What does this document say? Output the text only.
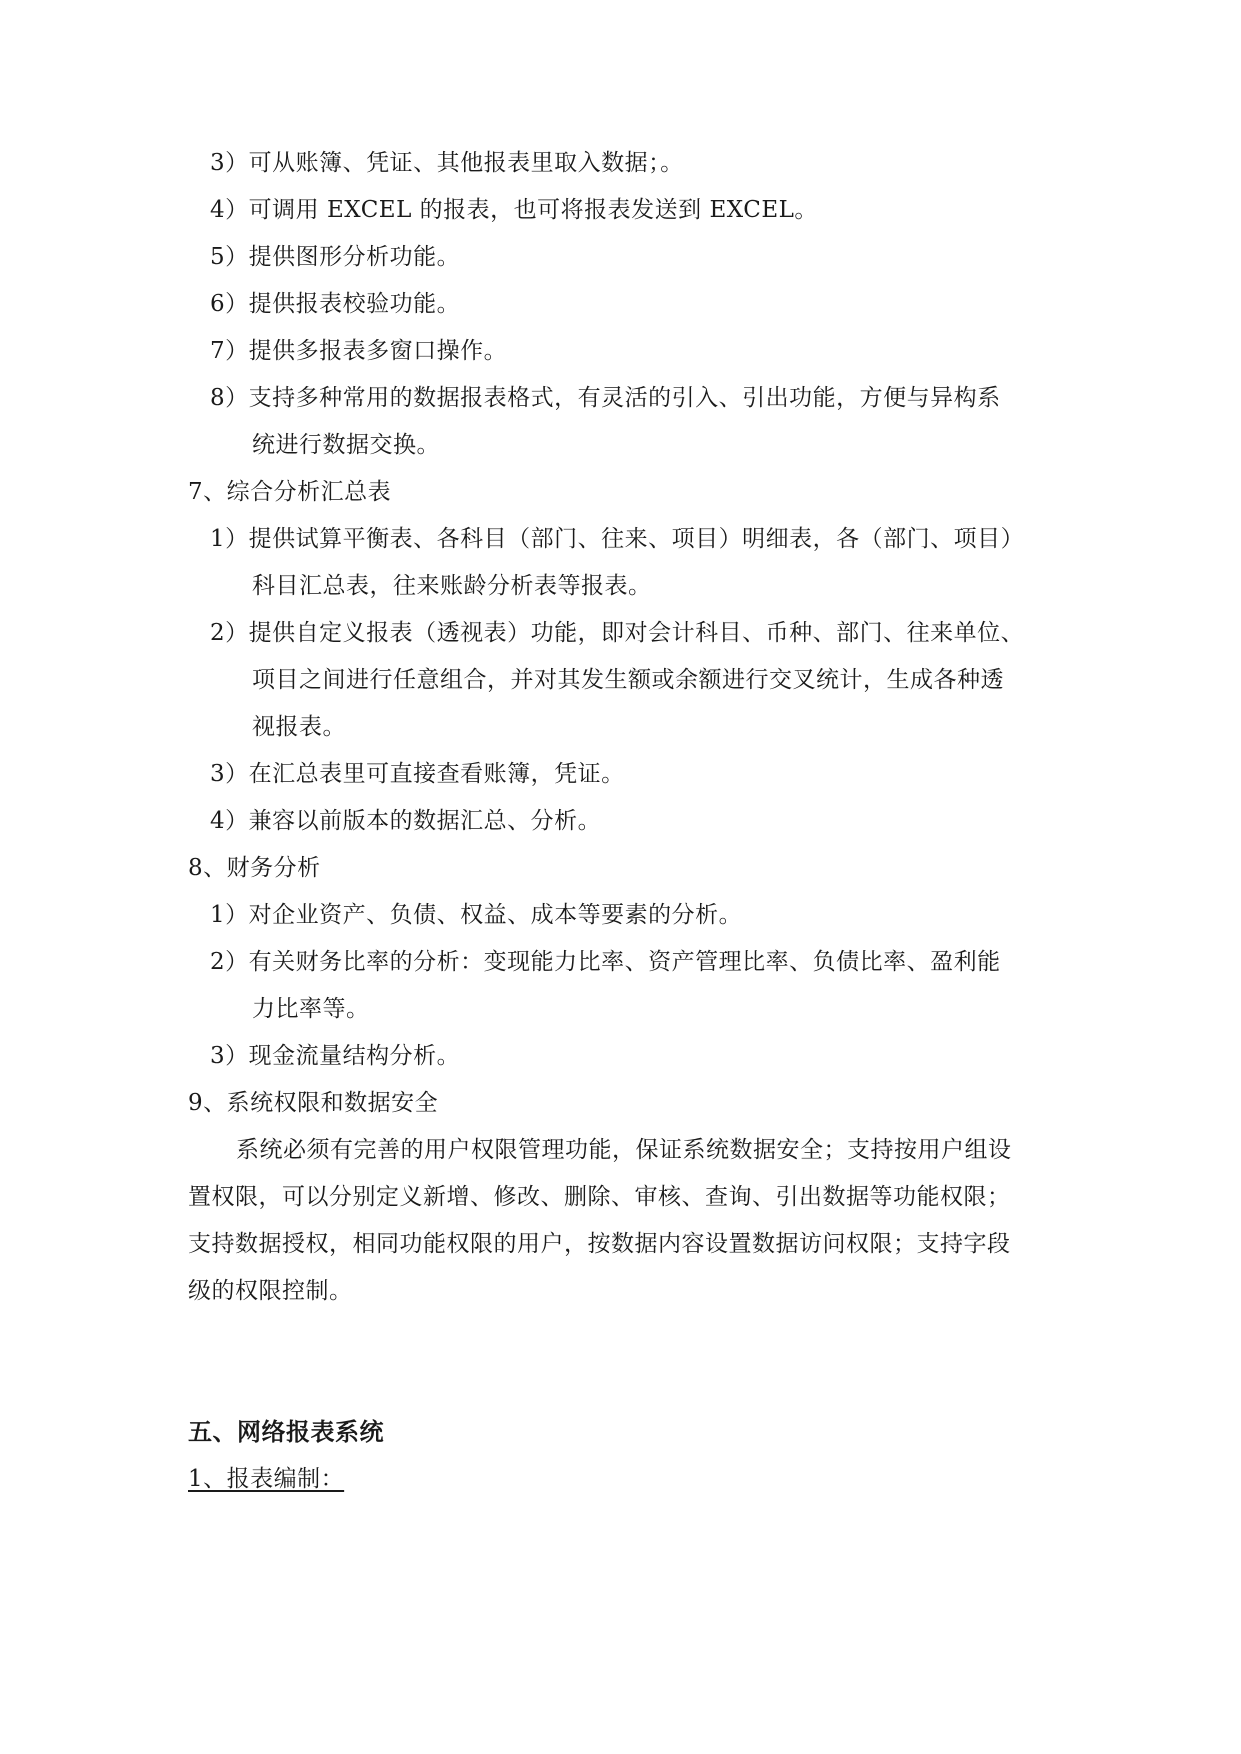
3）可从账簿、凭证、其他报表里取入数据；。
4）可调用 EXCEL 的报表，也可将报表发送到 EXCEL。
5）提供图形分析功能。
6）提供报表校验功能。
7）提供多报表多窗口操作。
8）支持多种常用的数据报表格式，有灵活的引入、引出功能，方便与异构系
统进行数据交换。
7、综合分析汇总表
1）提供试算平衡表、各科目（部门、往来、项目）明细表，各（部门、项目）
科目汇总表，往来账龄分析表等报表。
2）提供自定义报表（透视表）功能，即对会计科目、币种、部门、往来单位、
项目之间进行任意组合，并对其发生额或余额进行交叉统计，生成各种透
视报表。
3）在汇总表里可直接查看账簿，凭证。
4）兼容以前版本的数据汇总、分析。
8、财务分析
1）对企业资产、负债、权益、成本等要素的分析。
2）有关财务比率的分析：变现能力比率、资产管理比率、负债比率、盈利能
力比率等。
3）现金流量结构分析。
9、系统权限和数据安全
系统必须有完善的用户权限管理功能，保证系统数据安全；支持按用户组设
置权限，可以分别定义新增、修改、删除、审核、查询、引出数据等功能权限；
支持数据授权，相同功能权限的用户，按数据内容设置数据访问权限；支持字段
级的权限控制。
五、网络报表系统
1、报表编制：
